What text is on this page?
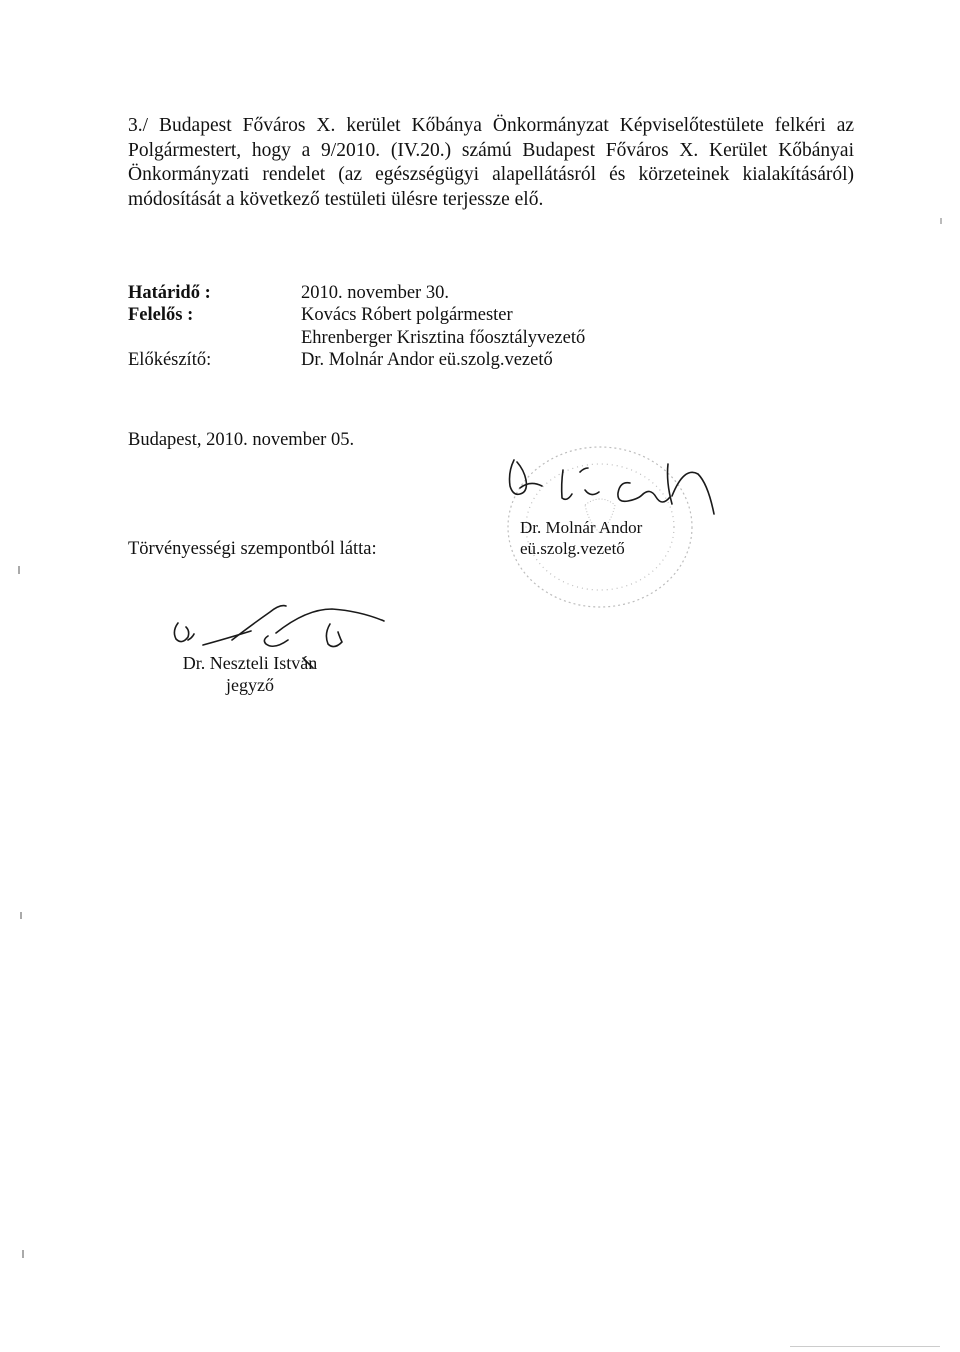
3./ Budapest Főváros X. kerület Kőbánya Önkormányzat Képviselőtestülete felkéri az
Polgármestert, hogy a 9/2010. (IV.20.) számú Budapest Főváros X. Kerület Kőbányai
Önkormányzati rendelet (az egészségügyi alapellátásról és körzeteinek kialakításáról)
módosítását a következő testületi ülésre terjessze elő.
Határidő :	2010. november 30.
Felelős :	Kovács Róbert polgármester
Ehrenberger Krisztina főosztályvezető
Előkészítő:	Dr. Molnár Andor eü.szolg.vezető
Budapest, 2010. november 05.
Törvényességi szempontból látta:
Dr. Molnár Andor
eü.szolg.vezető
Dr. Neszteli István
jegyző
